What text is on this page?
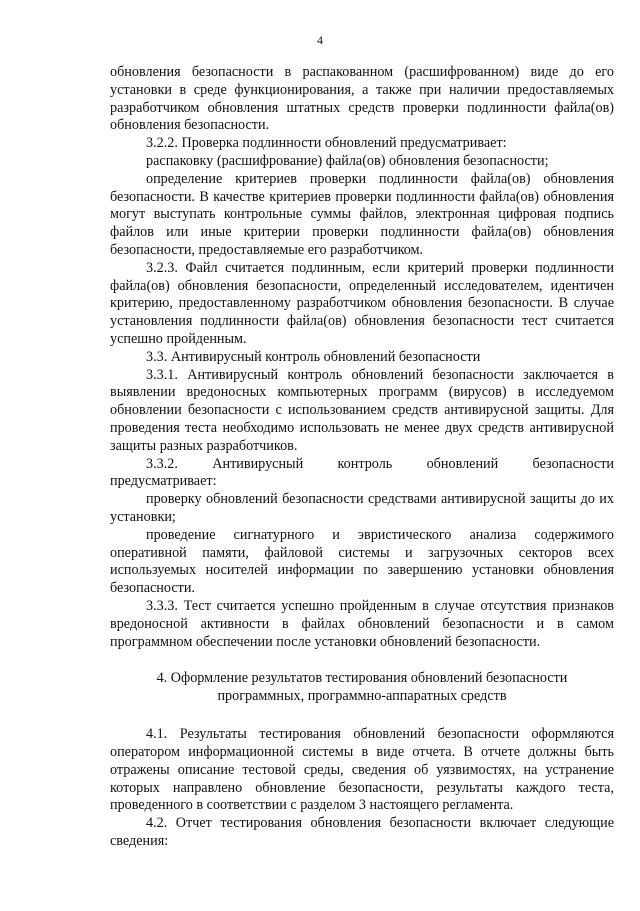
4

обновления безопасности в распакованном (расшифрованном) виде до его установки в среде функционирования, а также при наличии предоставляемых разработчиком обновления штатных средств проверки подлинности файла(ов) обновления безопасности.

3.2.2. Проверка подлинности обновлений предусматривает:

распаковку (расшифрование) файла(ов) обновления безопасности;

определение критериев проверки подлинности файла(ов) обновления безопасности. В качестве критериев проверки подлинности файла(ов) обновления могут выступать контрольные суммы файлов, электронная цифровая подпись файлов или иные критерии проверки подлинности файла(ов) обновления безопасности, предоставляемые его разработчиком.

3.2.3. Файл считается подлинным, если критерий проверки подлинности файла(ов) обновления безопасности, определенный исследователем, идентичен критерию, предоставленному разработчиком обновления безопасности. В случае установления подлинности файла(ов) обновления безопасности тест считается успешно пройденным.

3.3. Антивирусный контроль обновлений безопасности

3.3.1. Антивирусный контроль обновлений безопасности заключается в выявлении вредоносных компьютерных программ (вирусов) в исследуемом обновлении безопасности с использованием средств антивирусной защиты. Для проведения теста необходимо использовать не менее двух средств антивирусной защиты разных разработчиков.

3.3.2. Антивирусный контроль обновлений безопасности предусматривает:

проверку обновлений безопасности средствами антивирусной защиты до их установки;

проведение сигнатурного и эвристического анализа содержимого оперативной памяти, файловой системы и загрузочных секторов всех используемых носителей информации по завершению установки обновления безопасности.

3.3.3. Тест считается успешно пройденным в случае отсутствия признаков вредоносной активности в файлах обновлений безопасности и в самом программном обеспечении после установки обновлений безопасности.

4. Оформление результатов тестирования обновлений безопасности
программных, программно-аппаратных средств

4.1. Результаты тестирования обновлений безопасности оформляются оператором информационной системы в виде отчета. В отчете должны быть отражены описание тестовой среды, сведения об уязвимостях, на устранение которых направлено обновление безопасности, результаты каждого теста, проведенного в соответствии с разделом 3 настоящего регламента.

4.2. Отчет тестирования обновления безопасности включает следующие сведения:
